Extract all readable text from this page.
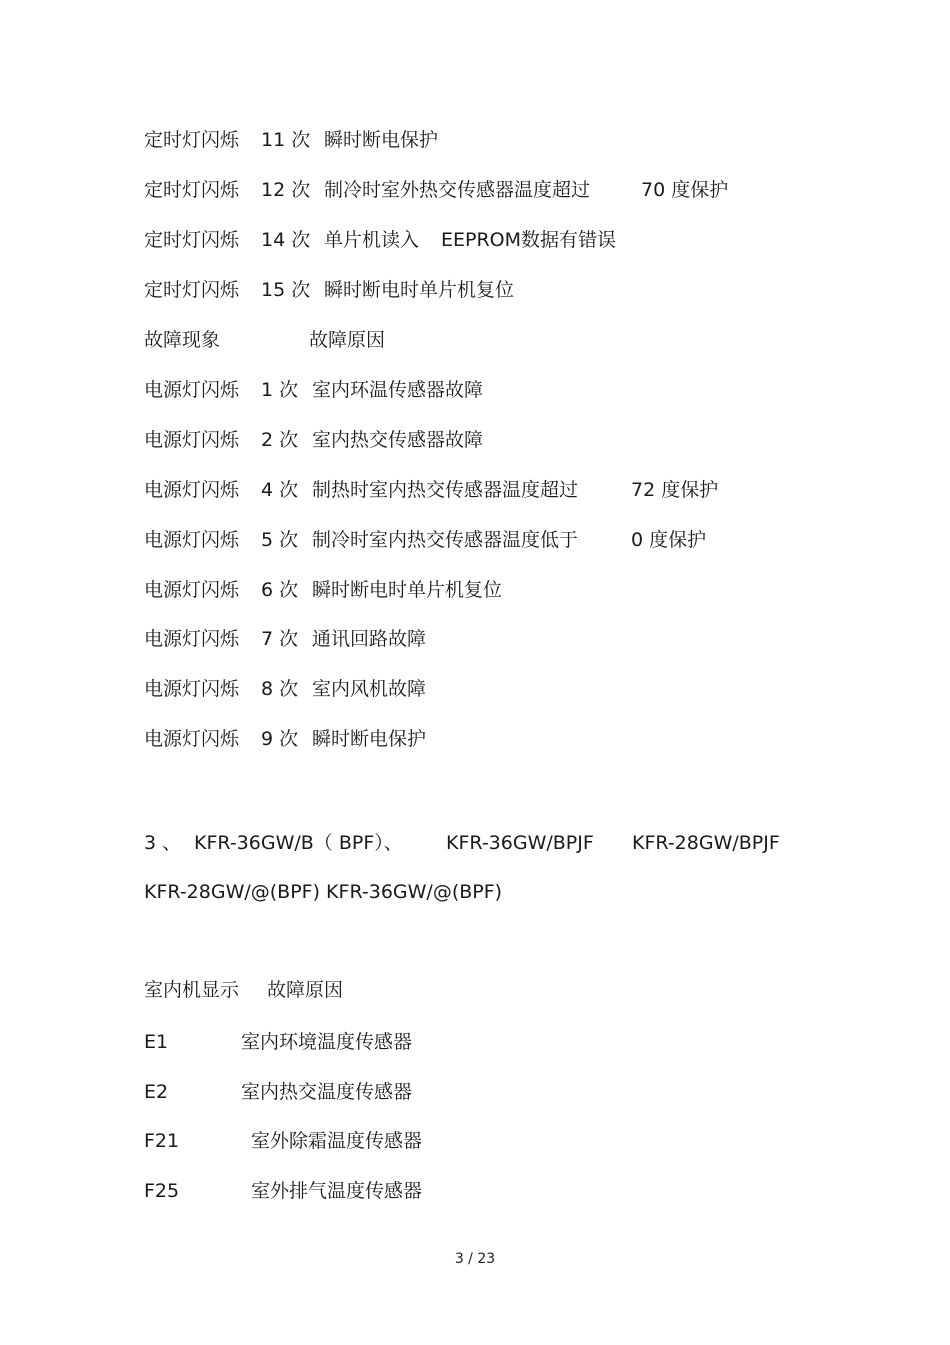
定时灯闪烁 11 次 瞬时断电保护
定时灯闪烁 12 次 制冷时室外热交传感器温度超过	70 度保护
定时灯闪烁 14 次 单片机读入 EEPROM数据有错误
定时灯闪烁 15 次 瞬时断电时单片机复位
故障现象	故障原因
电源灯闪烁 1 次 室内环温传感器故障
电源灯闪烁 2 次 室内热交传感器故障
电源灯闪烁 4 次 制热时室内热交传感器温度超过	72 度保护
电源灯闪烁 5 次 制冷时室内热交传感器温度低于	0 度保护
电源灯闪烁 6 次 瞬时断电时单片机复位
电源灯闪烁 7 次 通讯回路故障
电源灯闪烁 8 次 室内风机故障
电源灯闪烁 9 次 瞬时断电保护
3 、 KFR-36GW/B（ BPF）、 KFR-36GW/BPJF KFR-28GW/BPJF
KFR-28GW/@(BPF) KFR-36GW/@(BPF)
室内机显示 故障原因
E1	室内环境温度传感器
E2	室内热交温度传感器
F21	室外除霜温度传感器
F25	室外排气温度传感器
3 / 23
